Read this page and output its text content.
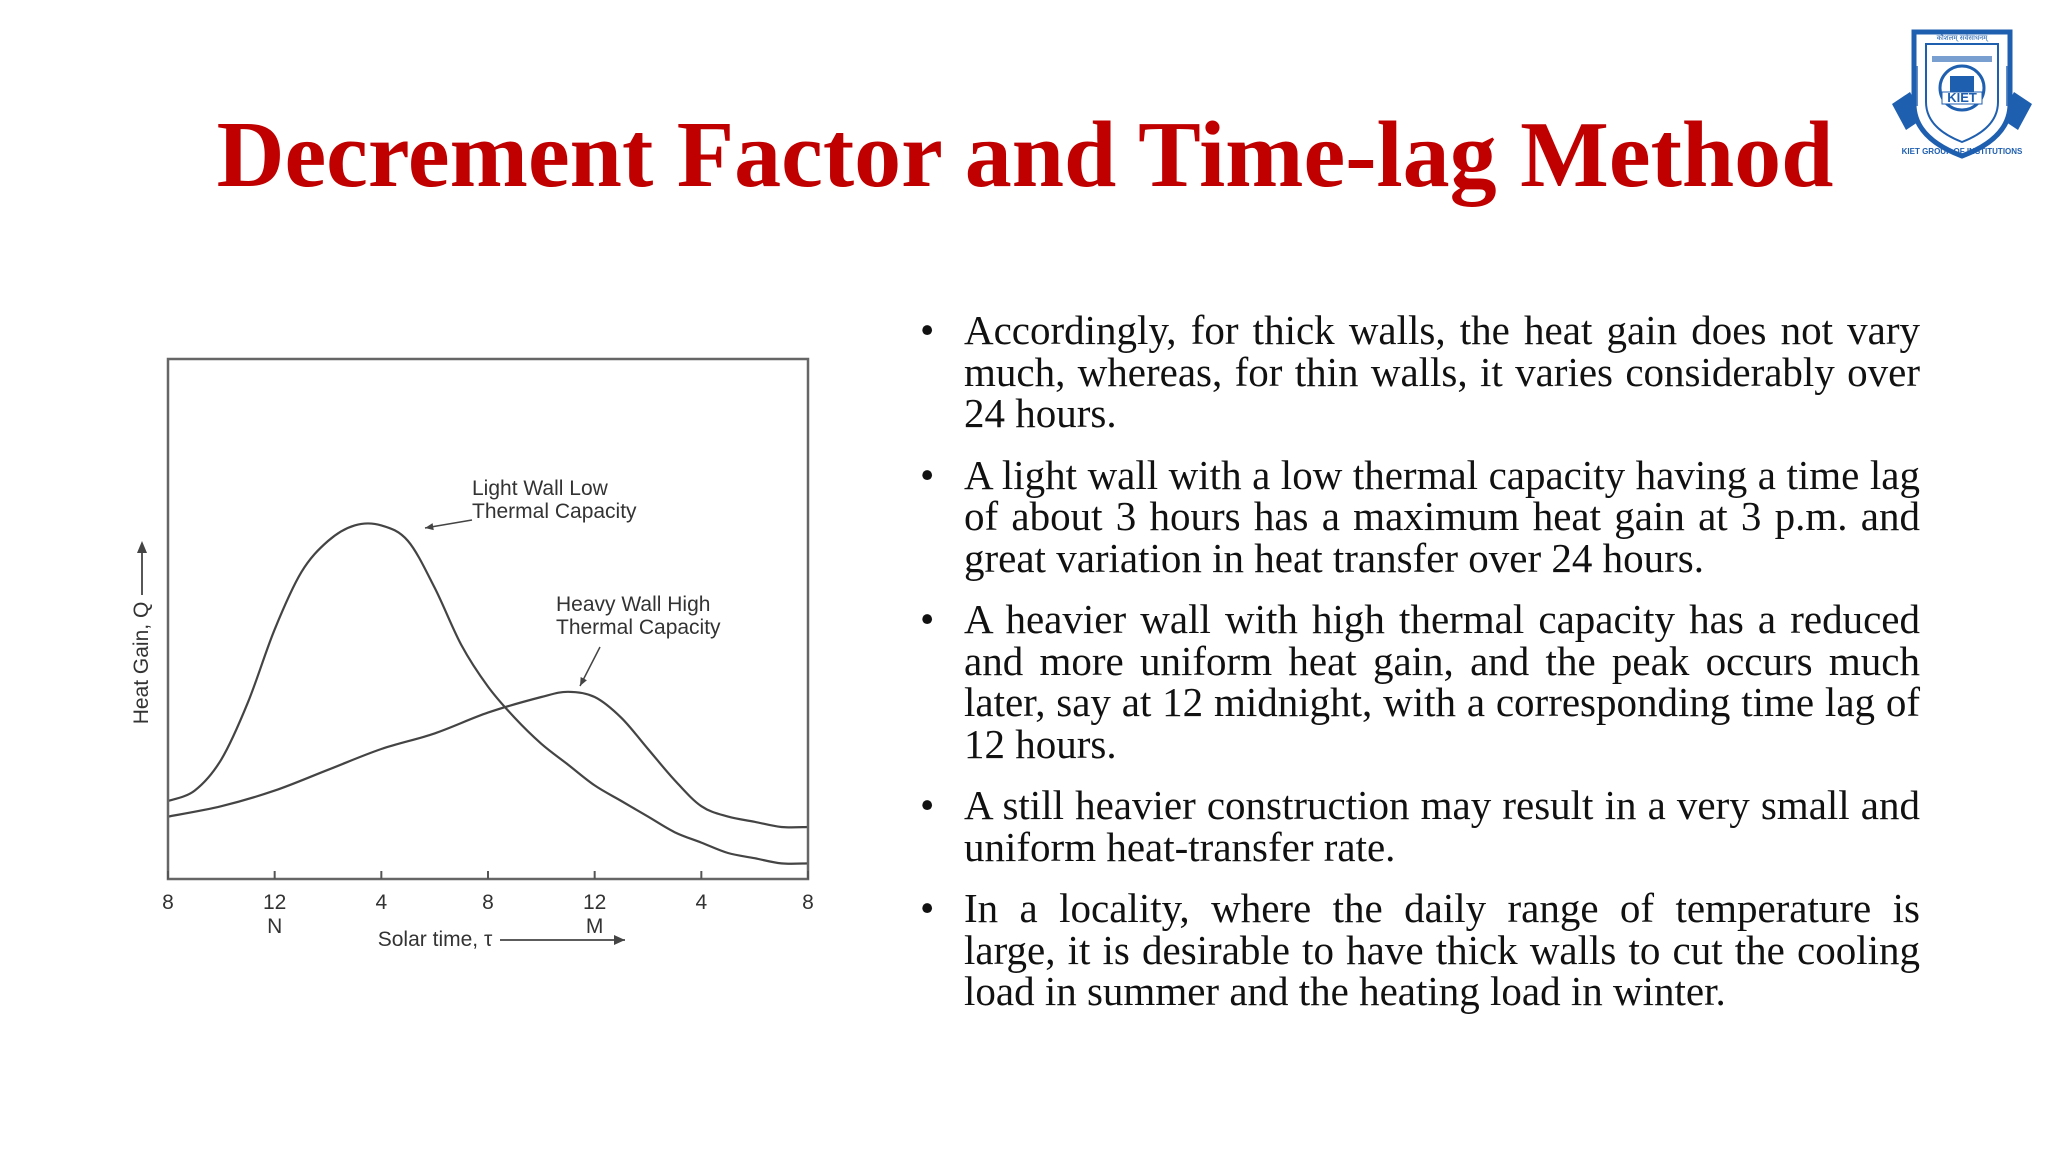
Decrement Factor and Time-lag Method
KIET
KIET GROUP OF INSTITUTIONS
कौशलम् सर्वसाधनम्
8	12
N
4	8	12
M
4	8
Solar time, τ
Heat Gain, Q
Light Wall Low
Thermal Capacity
Heavy Wall High
Thermal Capacity
• Accordingly, for thick walls, the heat gain does not vary much, whereas, for thin walls, it varies considerably over 24 hours.
• A light wall with a low thermal capacity having a time lag of about 3 hours has a maximum heat gain at 3 p.m. and great variation in heat transfer over 24 hours.
• A heavier wall with high thermal capacity has a reduced and more uniform heat gain, and the peak occurs much later, say at 12 midnight, with a corresponding time lag of 12 hours.
• A still heavier construction may result in a very small and uniform heat-transfer rate.
• In a locality, where the daily range of temperature is large, it is desirable to have thick walls to cut the cooling load in summer and the heating load in winter.
